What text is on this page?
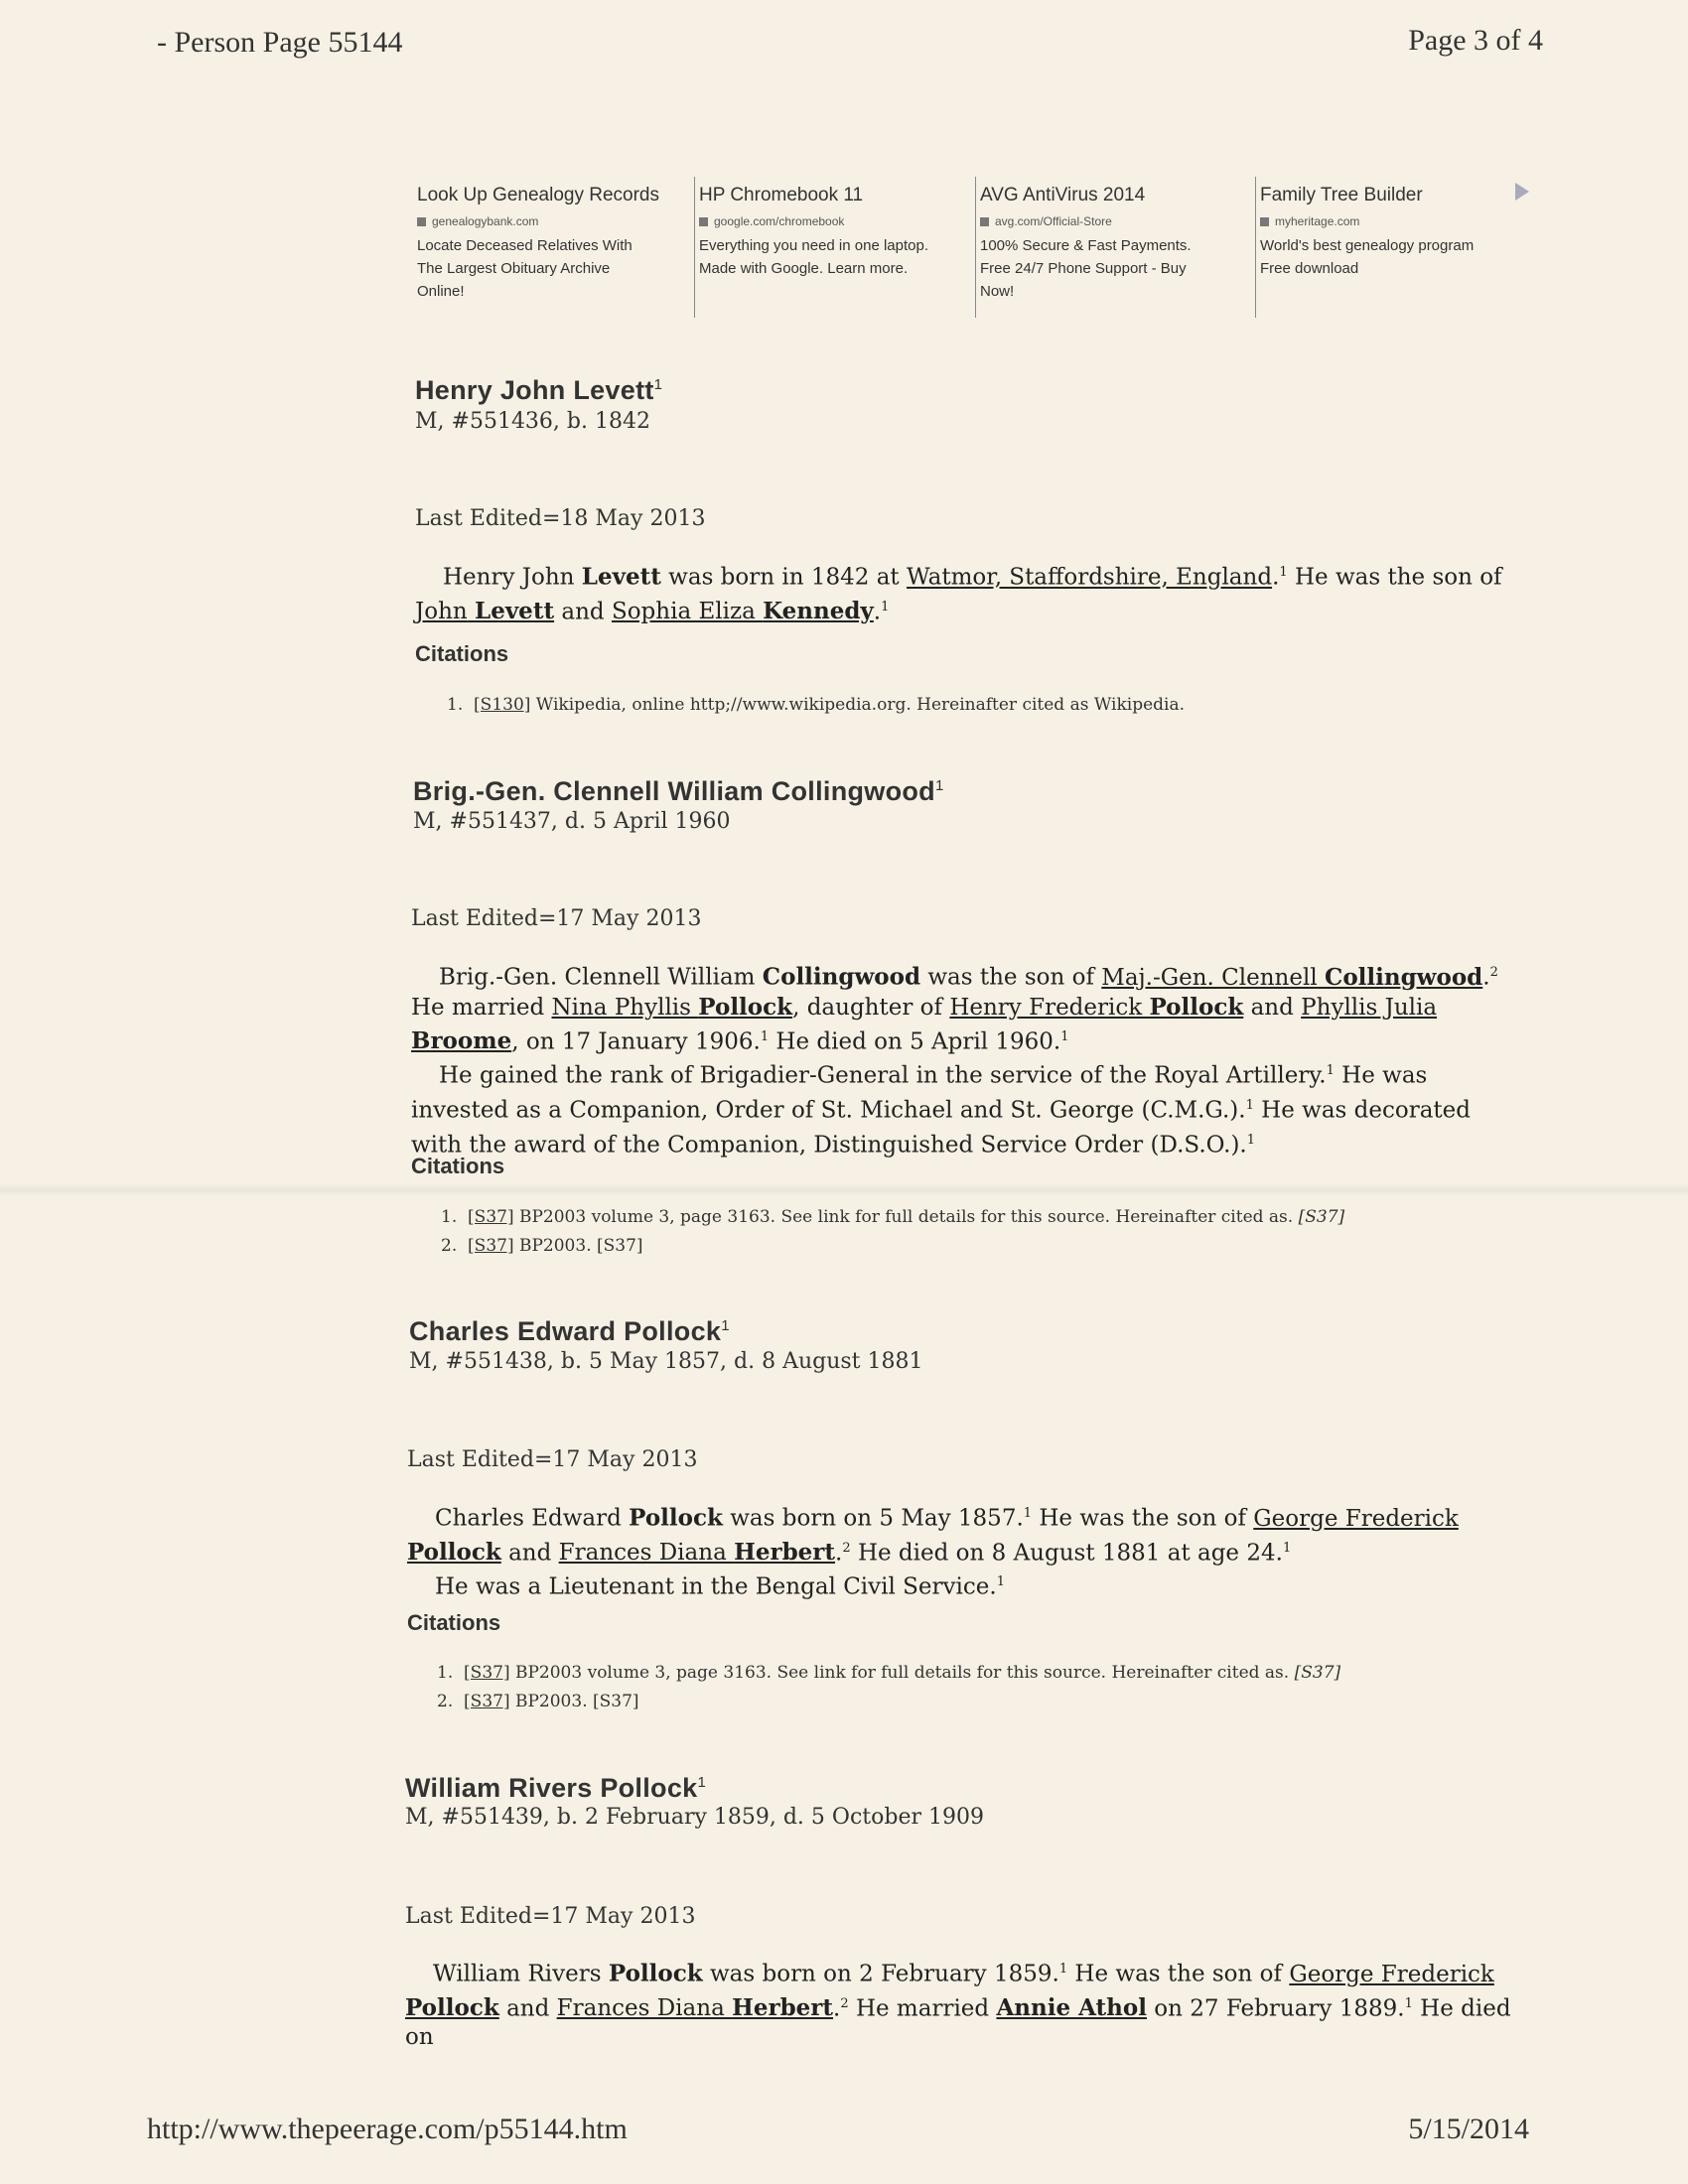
- Person Page 55144	Page 3 of 4
Look Up Genealogy Records
genealogybank.com
Locate Deceased Relatives With
The Largest Obituary Archive
Online!
HP Chromebook 11
google.com/chromebook
Everything you need in one laptop.
Made with Google. Learn more.
AVG AntiVirus 2014
avg.com/Official-Store
100% Secure & Fast Payments.
Free 24/7 Phone Support - Buy
Now!
Family Tree Builder
myheritage.com
World's best genealogy program
Free download
Henry John Levett$^1$
M, #551436, b. 1842
Last Edited=18 May 2013
Henry John Levett was born in 1842 at Watmor, Staffordshire, England.$^1$ He was the son of John Levett and Sophia Eliza Kennedy.$^1$
Citations
1. [S130] Wikipedia, online http;//www.wikipedia.org. Hereinafter cited as Wikipedia.
Brig.-Gen. Clennell William Collingwood$^1$
M, #551437, d. 5 April 1960
Last Edited=17 May 2013
Brig.-Gen. Clennell William Collingwood was the son of Maj.-Gen. Clennell Collingwood.$^2$ He married Nina Phyllis Pollock, daughter of Henry Frederick Pollock and Phyllis Julia Broome, on 17 January 1906.$^1$ He died on 5 April 1960.$^1$
He gained the rank of Brigadier-General in the service of the Royal Artillery.$^1$ He was invested as a Companion, Order of St. Michael and St. George (C.M.G.).$^1$ He was decorated with the award of the Companion, Distinguished Service Order (D.S.O.).$^1$
Citations
1. [S37] BP2003 volume 3, page 3163. See link for full details for this source. Hereinafter cited as. [S37]
2. [S37] BP2003. [S37]
Charles Edward Pollock$^1$
M, #551438, b. 5 May 1857, d. 8 August 1881
Last Edited=17 May 2013
Charles Edward Pollock was born on 5 May 1857.$^1$ He was the son of George Frederick Pollock and Frances Diana Herbert.$^2$ He died on 8 August 1881 at age 24.$^1$
He was a Lieutenant in the Bengal Civil Service.$^1$
Citations
1. [S37] BP2003 volume 3, page 3163. See link for full details for this source. Hereinafter cited as. [S37]
2. [S37] BP2003. [S37]
William Rivers Pollock$^1$
M, #551439, b. 2 February 1859, d. 5 October 1909
Last Edited=17 May 2013
William Rivers Pollock was born on 2 February 1859.$^1$ He was the son of George Frederick Pollock and Frances Diana Herbert.$^2$ He married Annie Athol on 27 February 1889.$^1$ He died on
http://www.thepeerage.com/p55144.htm	5/15/2014
